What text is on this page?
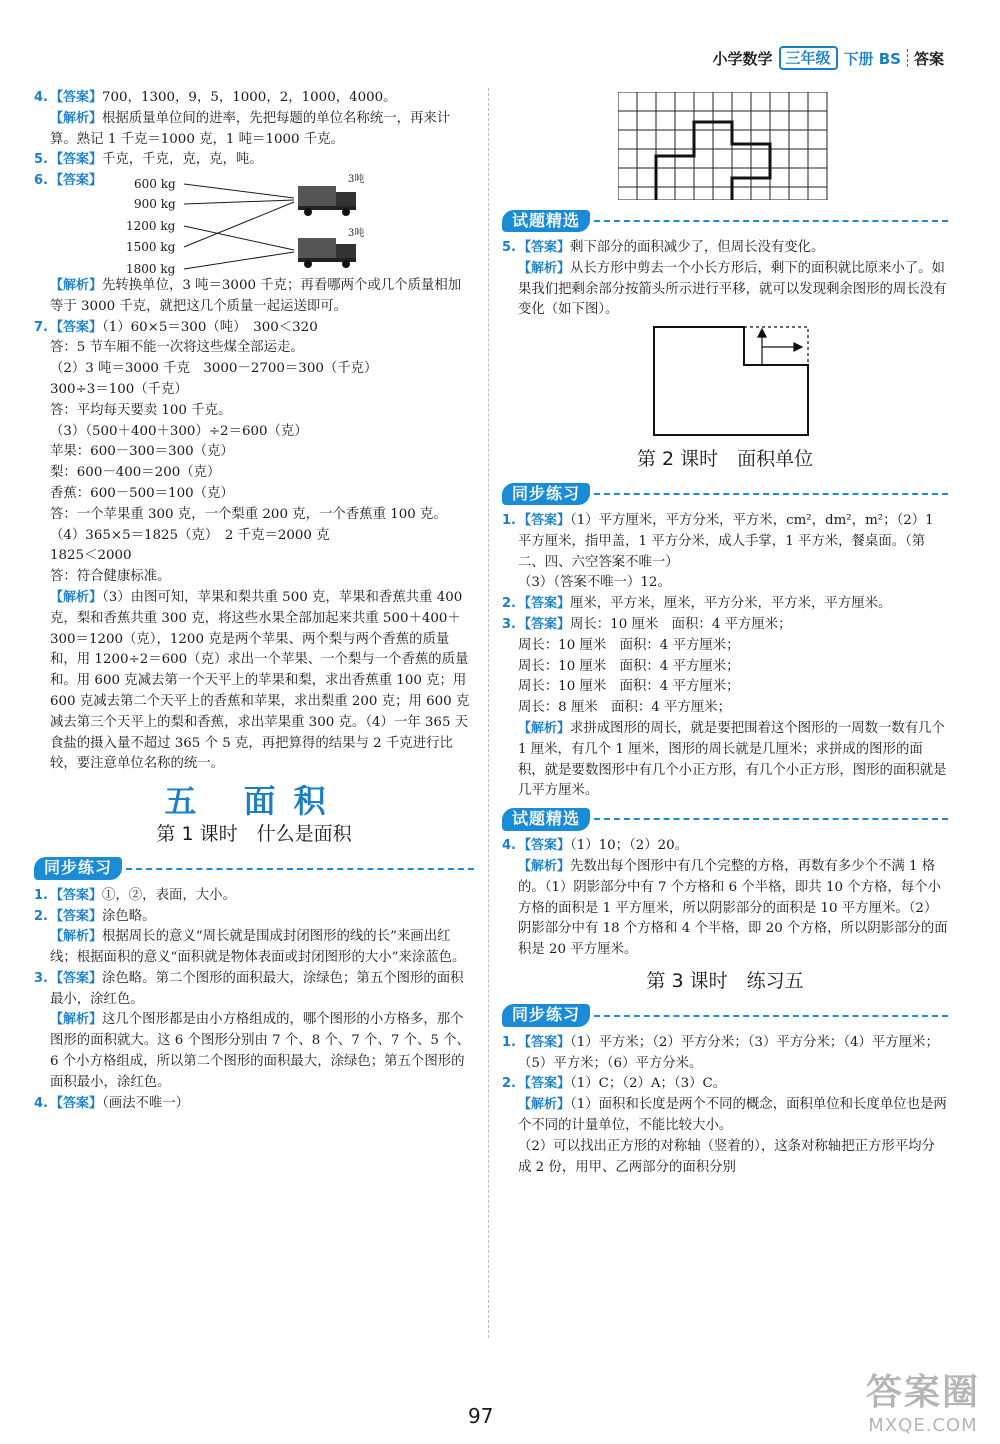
小学数学 三年级 下册 BS 答案
4. 【答案】700，1300，9，5，1000，2，1000，4000。
【解析】根据质量单位间的进率，先把每题的单位名称统一，再来计算。熟记 1 千克＝1000 克，1 吨＝1000 千克。
5. 【答案】千克，千克，克，克，吨。
6. 【答案】	600 kg
900 kg
1200 kg
1500 kg
1800 kg
3吨
3吨
【解析】先转换单位，3 吨＝3000 千克；再看哪两个或几个质量相加等于 3000 千克，就把这几个质量一起运送即可。
7. 【答案】（1）60×5＝300（吨）　300＜320
答：5 节车厢不能一次将这些煤全部运走。
（2）3 吨＝3000 千克　3000－2700＝300（千克）
300÷3＝100（千克）
答：平均每天要卖 100 千克。
（3）（500＋400＋300）÷2＝600（克）
苹果：600－300＝300（克）
梨：600－400＝200（克）
香蕉：600－500＝100（克）
答：一个苹果重 300 克，一个梨重 200 克，一个香蕉重 100 克。
（4）365×5＝1825（克）　2 千克＝2000 克
1825＜2000
答：符合健康标准。
【解析】（3）由图可知，苹果和梨共重 500 克，苹果和香蕉共重 400 克，梨和香蕉共重 300 克，将这些水果全部加起来共重 500＋400＋300＝1200（克），1200 克是两个苹果、两个梨与两个香蕉的质量和，用 1200÷2＝600（克）求出一个苹果、一个梨与一个香蕉的质量和。用 600 克减去第一个天平上的苹果和梨，求出香蕉重 100 克；用 600 克减去第二个天平上的香蕉和苹果，求出梨重 200 克；用 600 克减去第三个天平上的梨和香蕉，求出苹果重 300 克。（4）一年 365 天食盐的摄入量不超过 365 个 5 克，再把算得的结果与 2 千克进行比较，要注意单位名称的统一。
五 面积
第 1 课时　什么是面积
同步练习
1. 【答案】①，②，表面，大小。
2. 【答案】涂色略。
【解析】根据周长的意义“周长就是围成封闭图形的线的长”来画出红线；根据面积的意义“面积就是物体表面或封闭图形的大小”来涂蓝色。
3. 【答案】涂色略。第二个图形的面积最大，涂绿色；第五个图形的面积最小，涂红色。
【解析】这几个图形都是由小方格组成的，哪个图形的小方格多，那个图形的面积就大。这 6 个图形分别由 7 个、8 个、7 个、7 个、5 个、6 个小方格组成，所以第二个图形的面积最大，涂绿色；第五个图形的面积最小，涂红色。
4. 【答案】（画法不唯一）
试题精选
5. 【答案】剩下部分的面积减少了，但周长没有变化。
【解析】从长方形中剪去一个小长方形后，剩下的面积就比原来小了。如果我们把剩余部分按箭头所示进行平移，就可以发现剩余图形的周长没有变化（如下图）。
第 2 课时　面积单位
同步练习
1. 【答案】（1）平方厘米，平方分米，平方米，cm²，dm²，m²；（2）1 平方厘米，指甲盖，1 平方分米，成人手掌，1 平方米，餐桌面。（第二、四、六空答案不唯一）
（3）（答案不唯一）12。
2. 【答案】厘米，平方米，厘米，平方分米，平方米，平方厘米。
3. 【答案】周长：10 厘米　面积：4 平方厘米；
周长：10 厘米　面积：4 平方厘米；
周长：10 厘米　面积：4 平方厘米；
周长：10 厘米　面积：4 平方厘米；
周长：8 厘米　面积：4 平方厘米；
【解析】求拼成图形的周长，就是要把围着这个图形的一周数一数有几个 1 厘米，有几个 1 厘米，图形的周长就是几厘米；求拼成的图形的面积，就是要数图形中有几个小正方形，有几个小正方形，图形的面积就是几平方厘米。
试题精选
4. 【答案】（1）10；（2）20。
【解析】先数出每个图形中有几个完整的方格，再数有多少个不满 1 格的。（1）阴影部分中有 7 个方格和 6 个半格，即共 10 个方格，每个小方格的面积是 1 平方厘米，所以阴影部分的面积是 10 平方厘米。（2）阴影部分中有 18 个方格和 4 个半格，即 20 个方格，所以阴影部分的面积是 20 平方厘米。
第 3 课时　练习五
同步练习
1. 【答案】（1）平方米；（2）平方分米；（3）平方分米；（4）平方厘米；（5）平方米；（6）平方分米。
2. 【答案】（1）C；（2）A；（3）C。
【解析】（1）面积和长度是两个不同的概念，面积单位和长度单位也是两个不同的计量单位，不能比较大小。
（2）可以找出正方形的对称轴（竖着的），这条对称轴把正方形平均分成 2 份，用甲、乙两部分的面积分别
97
答案圈
MXQE.COM
